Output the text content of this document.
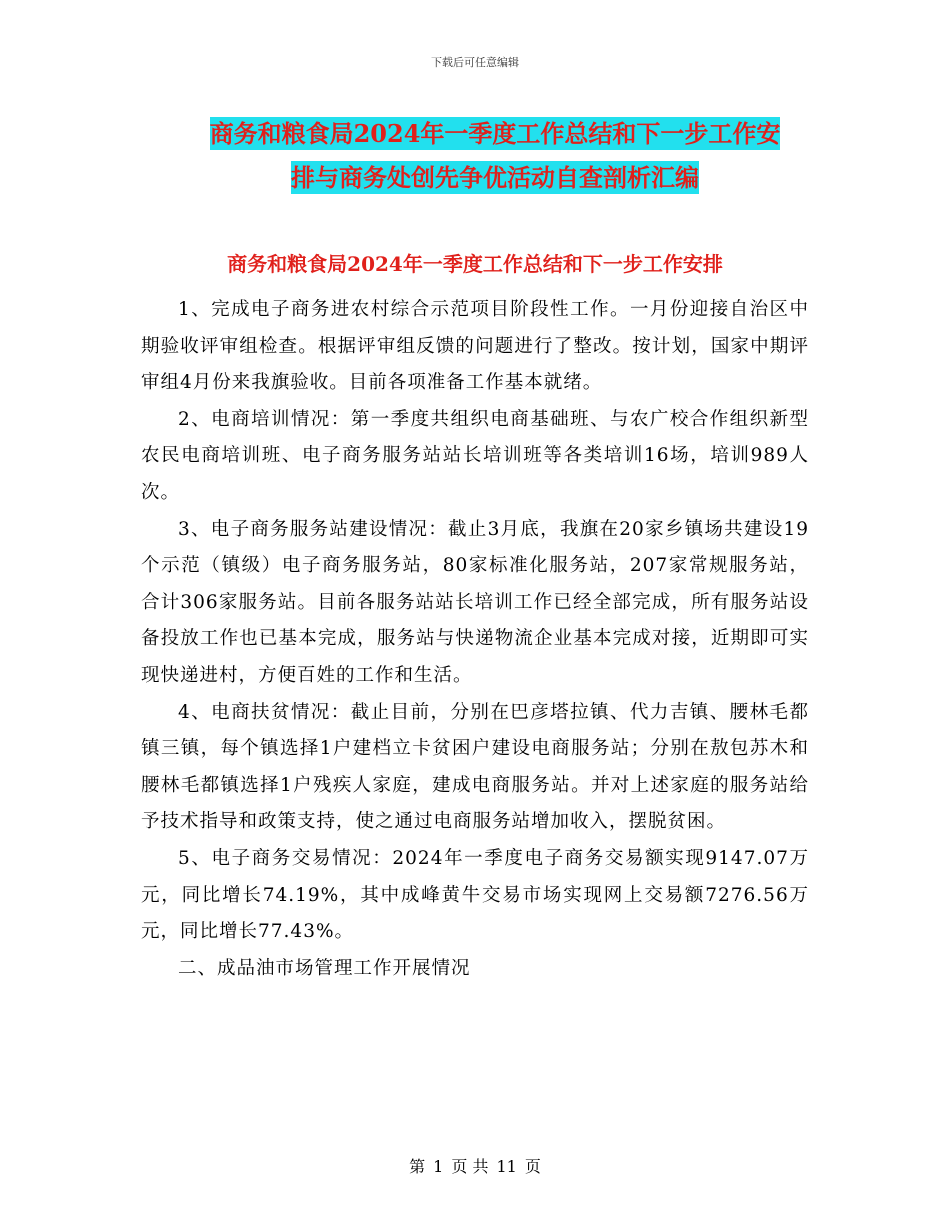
下载后可任意编辑
商务和粮食局2024年一季度工作总结和下一步工作安
排与商务处创先争优活动自查剖析汇编
商务和粮食局2024年一季度工作总结和下一步工作安排

1、完成电子商务进农村综合示范项目阶段性工作。一月份迎接自治区中期验收评审组检查。根据评审组反馈的问题进行了整改。按计划，国家中期评审组4月份来我旗验收。目前各项准备工作基本就绪。

2、电商培训情况：第一季度共组织电商基础班、与农广校合作组织新型农民电商培训班、电子商务服务站站长培训班等各类培训16场，培训989人次。

3、电子商务服务站建设情况：截止3月底，我旗在20家乡镇场共建设19个示范（镇级）电子商务服务站，80家标准化服务站，207家常规服务站，合计306家服务站。目前各服务站站长培训工作已经全部完成，所有服务站设备投放工作也已基本完成，服务站与快递物流企业基本完成对接，近期即可实现快递进村，方便百姓的工作和生活。

4、电商扶贫情况：截止目前，分别在巴彦塔拉镇、代力吉镇、腰林毛都镇三镇，每个镇选择1户建档立卡贫困户建设电商服务站；分别在敖包苏木和腰林毛都镇选择1户残疾人家庭，建成电商服务站。并对上述家庭的服务站给予技术指导和政策支持，使之通过电商服务站增加收入，摆脱贫困。

5、电子商务交易情况：2024年一季度电子商务交易额实现9147.07万元，同比增长74.19%，其中成峰黄牛交易市场实现网上交易额7276.56万元，同比增长77.43%。

二、成品油市场管理工作开展情况

第 1 页 共 11 页
